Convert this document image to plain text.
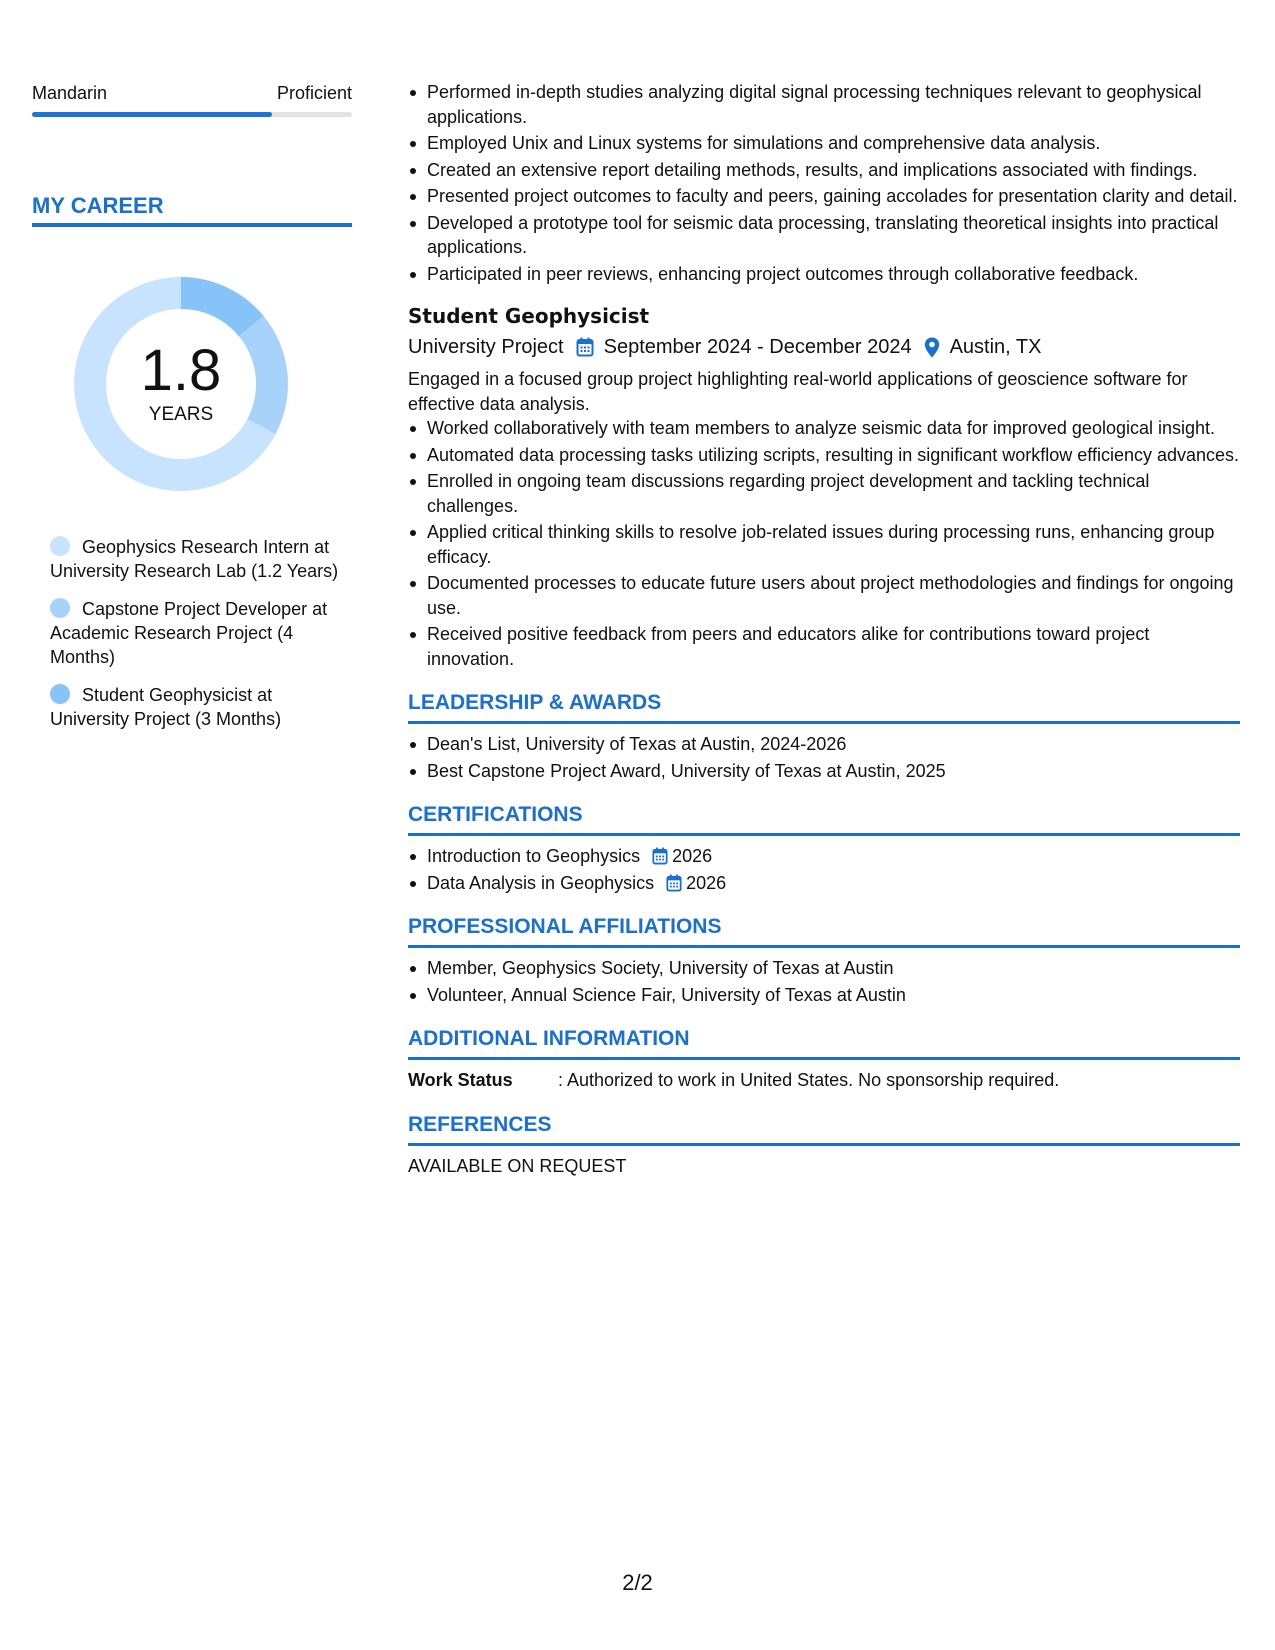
Mandarin	Proficient
MY CAREER
1.8
YEARS
Geophysics Research Intern at University Research Lab (1.2 Years)
Capstone Project Developer at Academic Research Project (4 Months)
Student Geophysicist at University Project (3 Months)
Performed in-depth studies analyzing digital signal processing techniques relevant to geophysical applications.
Employed Unix and Linux systems for simulations and comprehensive data analysis.
Created an extensive report detailing methods, results, and implications associated with findings.
Presented project outcomes to faculty and peers, gaining accolades for presentation clarity and detail.
Developed a prototype tool for seismic data processing, translating theoretical insights into practical applications.
Participated in peer reviews, enhancing project outcomes through collaborative feedback.
Student Geophysicist
University Project September 2024 - December 2024 Austin, TX
Engaged in a focused group project highlighting real-world applications of geoscience software for effective data analysis.
Worked collaboratively with team members to analyze seismic data for improved geological insight.
Automated data processing tasks utilizing scripts, resulting in significant workflow efficiency advances.
Enrolled in ongoing team discussions regarding project development and tackling technical challenges.
Applied critical thinking skills to resolve job-related issues during processing runs, enhancing group efficacy.
Documented processes to educate future users about project methodologies and findings for ongoing use.
Received positive feedback from peers and educators alike for contributions toward project innovation.
LEADERSHIP & AWARDS
Dean's List, University of Texas at Austin, 2024-2026
Best Capstone Project Award, University of Texas at Austin, 2025
CERTIFICATIONS
Introduction to Geophysics 2026
Data Analysis in Geophysics 2026
PROFESSIONAL AFFILIATIONS
Member, Geophysics Society, University of Texas at Austin
Volunteer, Annual Science Fair, University of Texas at Austin
ADDITIONAL INFORMATION
Work Status	: Authorized to work in United States. No sponsorship required.
REFERENCES
AVAILABLE ON REQUEST
2/2
